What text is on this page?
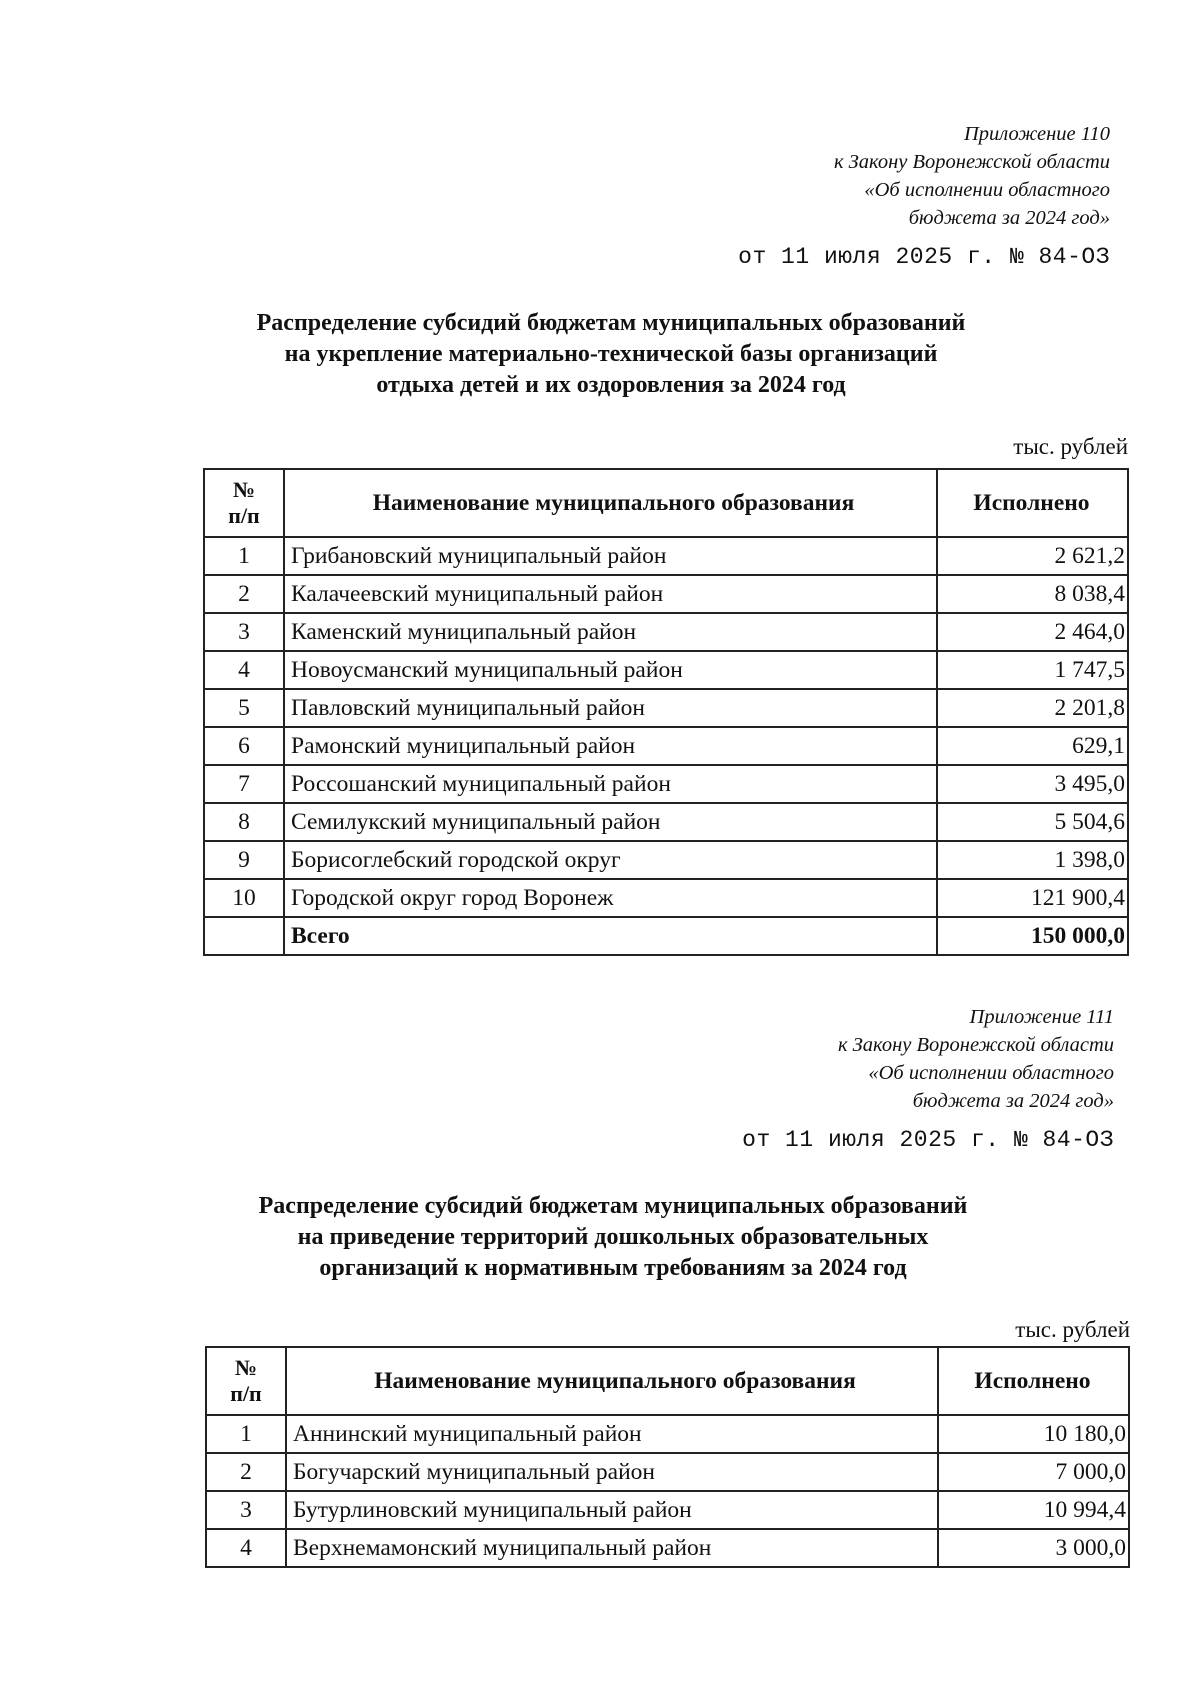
Приложение 110
к Закону Воронежской области
«Об исполнении областного
бюджета за 2024 год»
от 11 июля 2025 г. № 84-ОЗ
Распределение субсидий бюджетам муниципальных образований
на укрепление материально-технической базы организаций
отдыха детей и их оздоровления за 2024 год
тыс. рублей
№
п/п	Наименование муниципального образования	Исполнено
1	Грибановский муниципальный район	2 621,2
2	Калачеевский муниципальный район	8 038,4
3	Каменский муниципальный район	2 464,0
4	Новоусманский муниципальный район	1 747,5
5	Павловский муниципальный район	2 201,8
6	Рамонский муниципальный район	629,1
7	Россошанский муниципальный район	3 495,0
8	Семилукский муниципальный район	5 504,6
9	Борисоглебский городской округ	1 398,0
10	Городской округ город Воронеж	121 900,4
	Всего	150 000,0
Приложение 111
к Закону Воронежской области
«Об исполнении областного
бюджета за 2024 год»
от 11 июля 2025 г. № 84-ОЗ
Распределение субсидий бюджетам муниципальных образований
на приведение территорий дошкольных образовательных
организаций к нормативным требованиям за 2024 год
тыс. рублей
№
п/п	Наименование муниципального образования	Исполнено
1	Аннинский муниципальный район	10 180,0
2	Богучарский муниципальный район	7 000,0
3	Бутурлиновский муниципальный район	10 994,4
4	Верхнемамонский муниципальный район	3 000,0
